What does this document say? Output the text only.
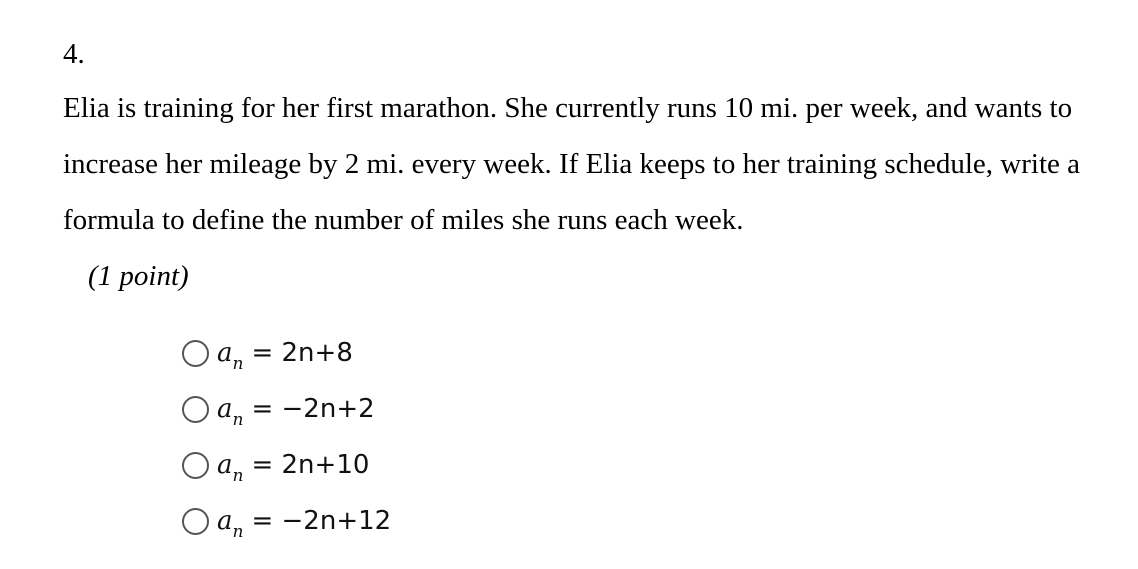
4.
Elia is training for her first marathon. She currently runs 10 mi. per week, and wants to increase her mileage by 2 mi. every week. If Elia keeps to her training schedule, write a formula to define the number of miles she runs each week.
(1 point)
a n = 2n+8
a n = −2n+2
a n = 2n+10
a n = −2n+12
